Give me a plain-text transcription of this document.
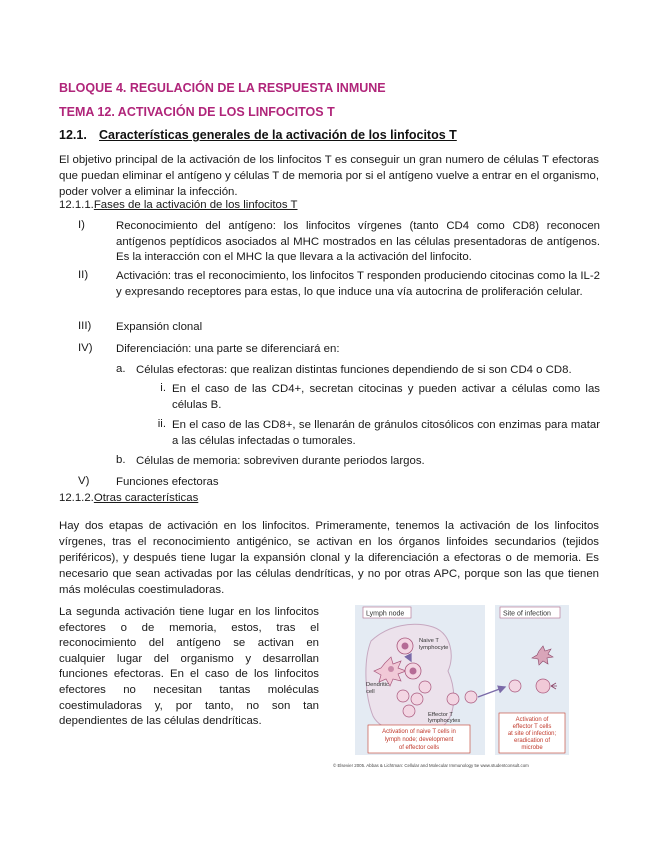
BLOQUE 4. REGULACIÓN DE LA RESPUESTA INMUNE
TEMA 12. ACTIVACIÓN DE LOS LINFOCITOS T
12.1. Características generales de la activación de los linfocitos T
El objetivo principal de la activación de los linfocitos T es conseguir un gran numero de células T efectoras que puedan eliminar el antígeno y células T de memoria por si el antígeno vuelve a entrar en el organismo, poder volver a eliminar la infección.
12.1.1.Fases de la activación de los linfocitos T
I)	Reconocimiento del antígeno: los linfocitos vírgenes (tanto CD4 como CD8) reconocen antígenos peptídicos asociados al MHC mostrados en las células presentadoras de antígenos. Es la interacción con el MHC la que llevara a la activación del linfocito.
II) Activación: tras el reconocimiento, los linfocitos T responden produciendo citocinas como la IL-2 y expresando receptores para estas, lo que induce una vía autocrina de proliferación celular.
III) Expansión clonal
IV) Diferenciación: una parte se diferenciará en:
a. Células efectoras: que realizan distintas funciones dependiendo de si son CD4 o CD8.
i. En el caso de las CD4+, secretan citocinas y pueden activar a células como las células B.
ii. En el caso de las CD8+, se llenarán de gránulos citosólicos con enzimas para matar a las células infectadas o tumorales.
b. Células de memoria: sobreviven durante periodos largos.
V) Funciones efectoras
12.1.2.Otras características
Hay dos etapas de activación en los linfocitos. Primeramente, tenemos la activación de los linfocitos vírgenes, tras el reconocimiento antigénico, se activan en los órganos linfoides secundarios (tejidos periféricos), y después tiene lugar la expansión clonal y la diferenciación a efectoras o de memoria. Es necesario que sean activadas por las células dendríticas, y no por otras APC, porque son las que tienen más moléculas coestimuladoras.
La segunda activación tiene lugar en los linfocitos efectores o de memoria, estos, tras el reconocimiento del antígeno se activan en cualquier lugar del organismo y desarrollan funciones efectoras. En el caso de los linfocitos efectores no necesitan tantas moléculas coestimuladoras y, por tanto, no son tan dependientes de las células dendríticas.
Lymph node	Site of infection
Naive T
lymphocyte
Dendritic
cell
Effector T
lymphocytes
Activation of naive T cells in
lymph node; development
of effector cells
Activation of
effector T cells
at site of infection;
eradication of
microbe
© Elsevier 2005. Abbas & Lichtman: Cellular and Molecular Immunology 5e www.studentconsult.com
